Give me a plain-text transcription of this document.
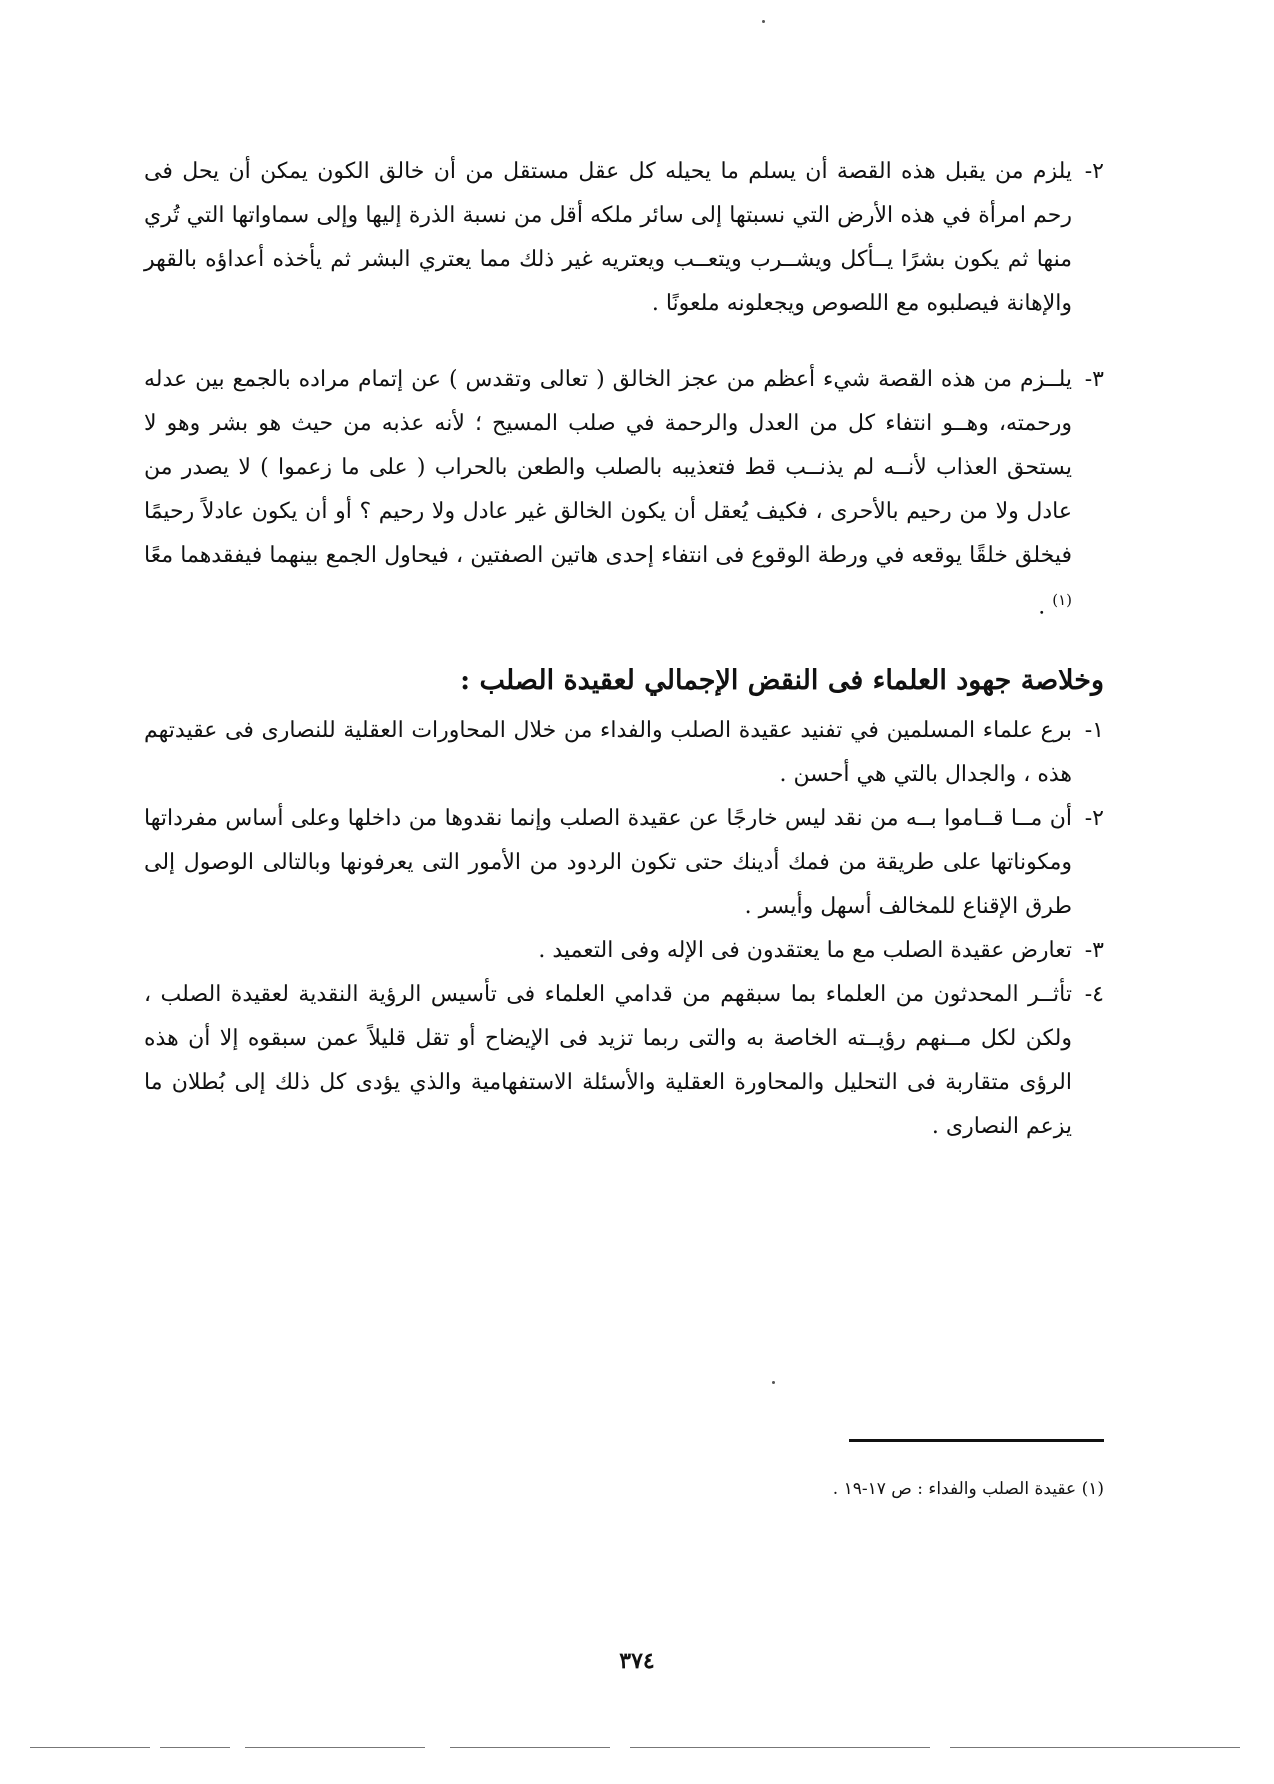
٢-
يلزم من يقبل هذه القصة أن يسلم ما يحيله كل عقل مستقل من أن خالق الكون يمكن أن يحل فى رحم امرأة في هذه الأرض التي نسبتها إلى سائر ملكه أقل من نسبة الذرة إليها وإلى سماواتها التي تُري منها ثم يكون بشرًا يــأكل ويشــرب ويتعــب ويعتريه غير ذلك مما يعتري البشر ثم يأخذه أعداؤه بالقهر والإهانة فيصلبوه مع اللصوص ويجعلونه ملعونًا .

٣-
يلــزم من هذه القصة شيء أعظم من عجز الخالق ( تعالى وتقدس ) عن إتمام مراده بالجمع بين عدله ورحمته، وهــو انتفاء كل من العدل والرحمة في صلب المسيح ؛ لأنه عذبه من حيث هو بشر وهو لا يستحق العذاب لأنــه لم يذنــب قط فتعذيبه بالصلب والطعن بالحراب ( على ما زعموا ) لا يصدر من عادل ولا من رحيم بالأحرى ، فكيف يُعقل أن يكون الخالق غير عادل ولا رحيم ؟ أو أن يكون عادلاً رحيمًا فيخلق خلقًا يوقعه في ورطة الوقوع فى انتفاء إحدى هاتين الصفتين ، فيحاول الجمع بينهما فيفقدهما معًا $^{(١)}$ .

وخلاصة جهود العلماء فى النقض الإجمالي لعقيدة الصلب :

١-
برع علماء المسلمين في تفنيد عقيدة الصلب والفداء من خلال المحاورات العقلية للنصارى فى عقيدتهم هذه ، والجدال بالتي هي أحسن .

٢-
أن مــا قــاموا بــه من نقد ليس خارجًا عن عقيدة الصلب وإنما نقدوها من داخلها وعلى أساس مفرداتها ومكوناتها على طريقة من فمك أدينك حتى تكون الردود من الأمور التى يعرفونها وبالتالى الوصول إلى طرق الإقناع للمخالف أسهل وأيسر .

٣-
تعارض عقيدة الصلب مع ما يعتقدون فى الإله وفى التعميد .

٤-
تأثــر المحدثون من العلماء بما سبقهم من قدامي العلماء فى تأسيس الرؤية النقدية لعقيدة الصلب ، ولكن لكل مــنهم رؤيــته الخاصة به والتى ربما تزيد فى الإيضاح أو تقل قليلاً عمن سبقوه إلا أن هذه الرؤى متقاربة فى التحليل والمحاورة العقلية والأسئلة الاستفهامية والذي يؤدى كل ذلك إلى بُطلان ما يزعم النصارى .

(١) عقيدة الصلب والفداء : ص ١٧-١٩ .
٣٧٤
